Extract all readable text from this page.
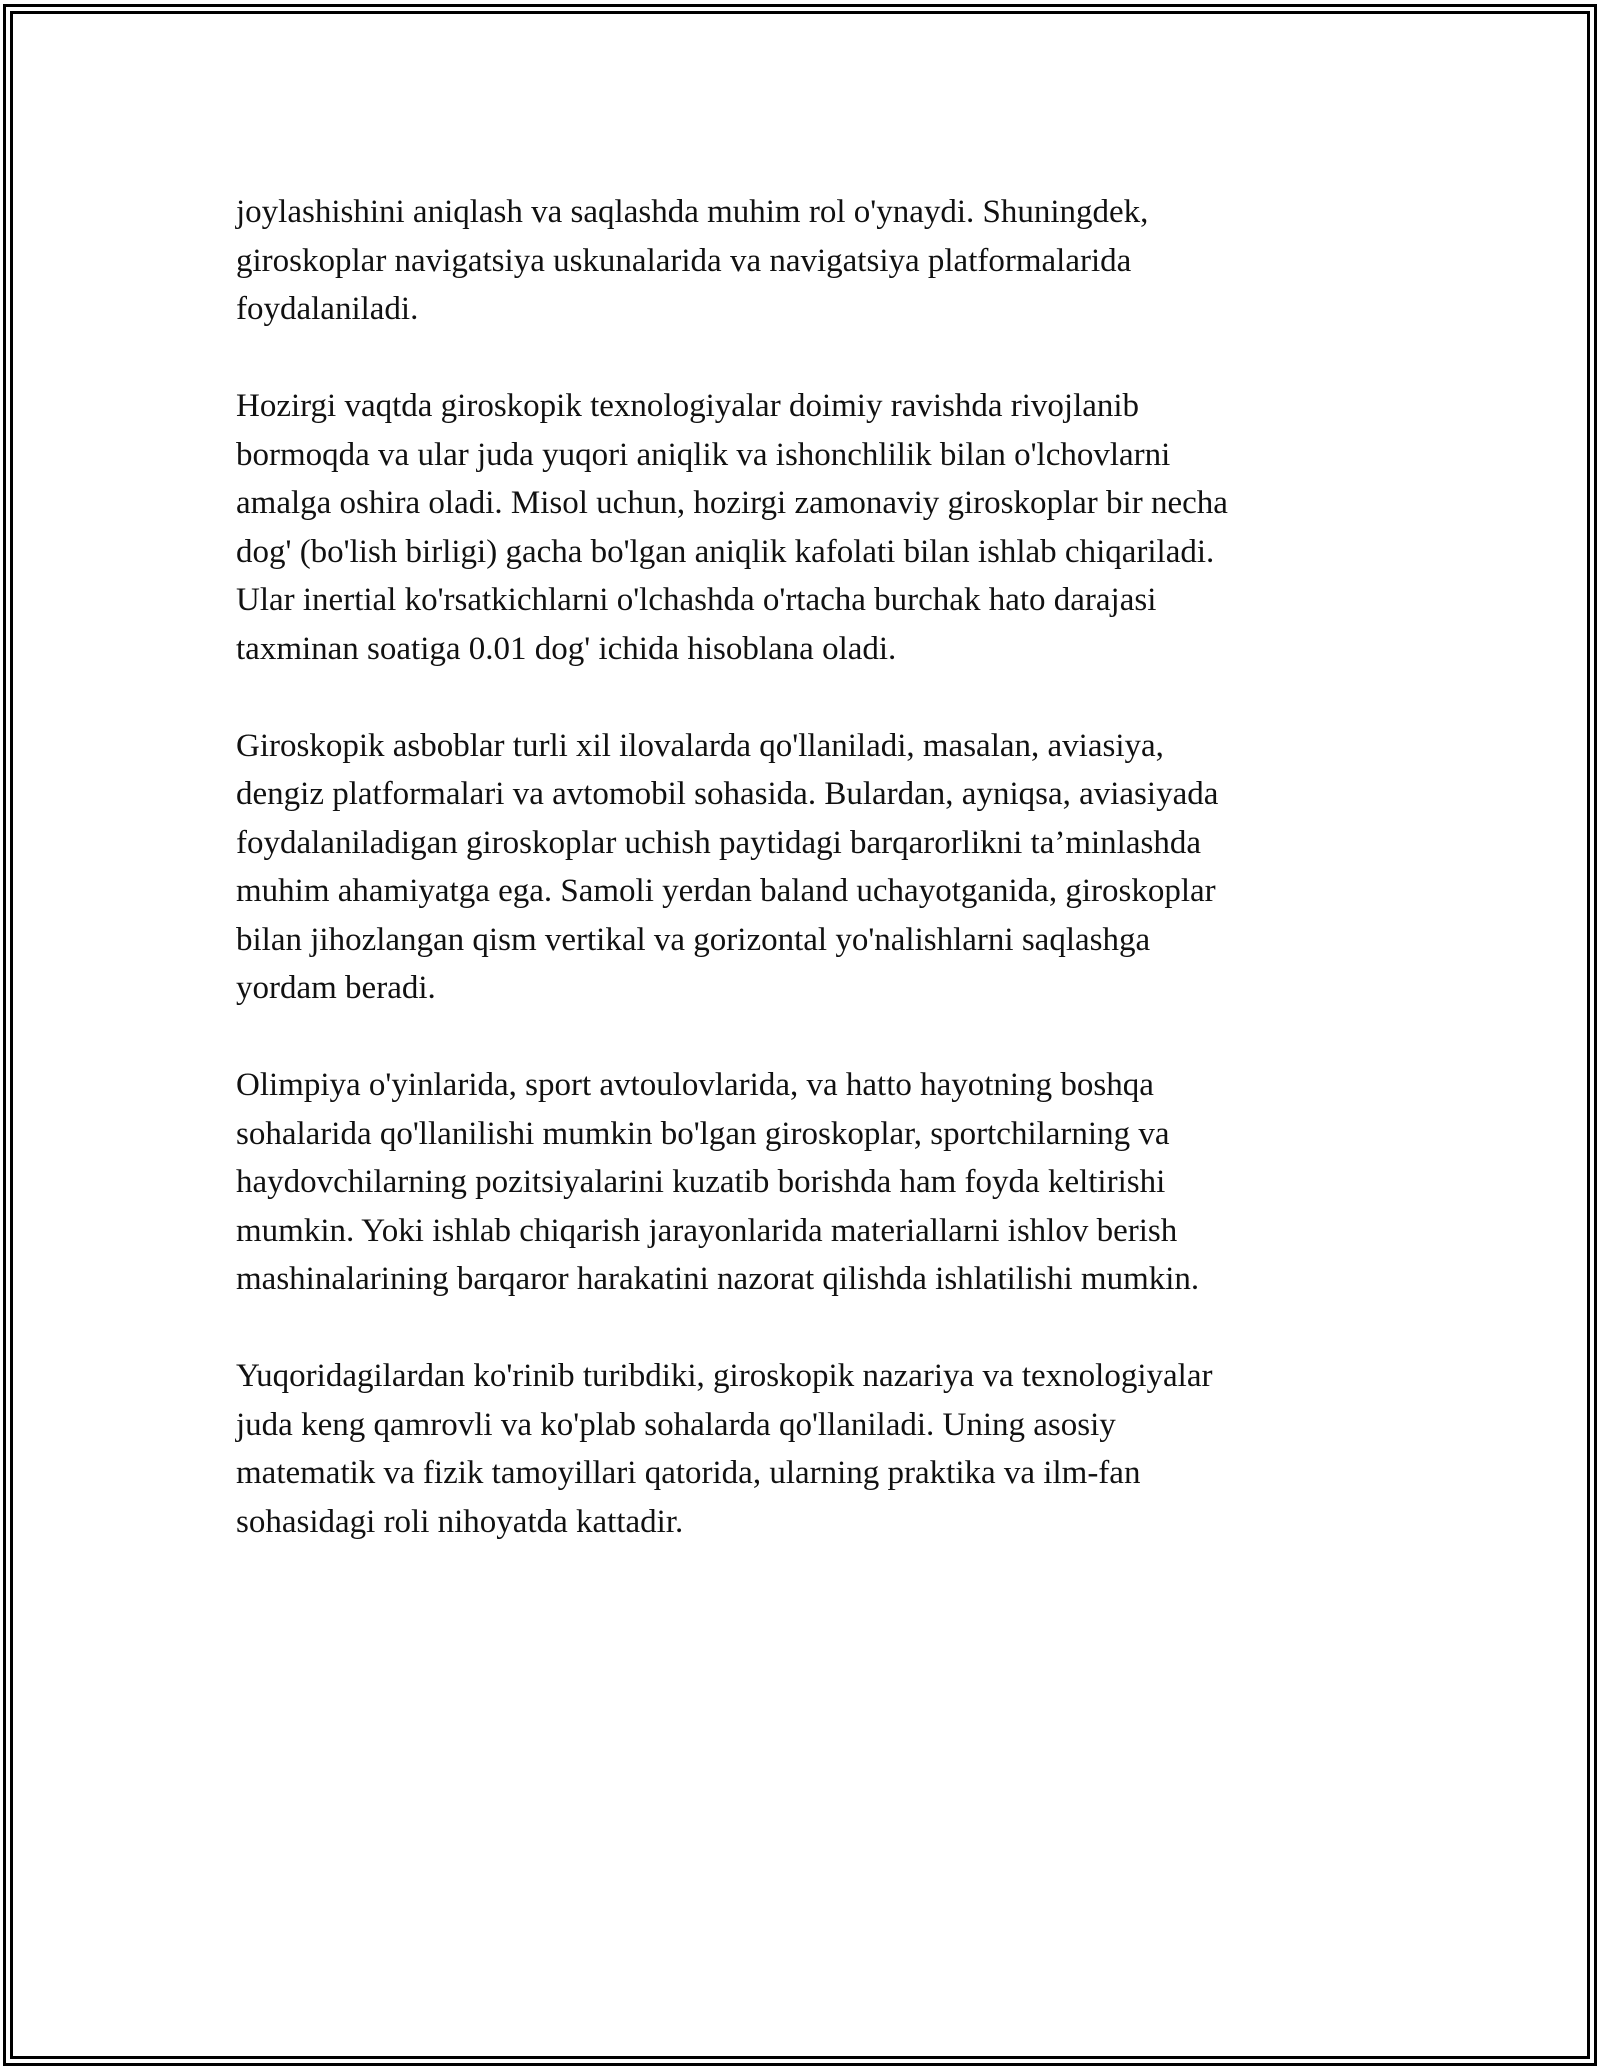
joylashishini aniqlash va saqlashda muhim rol o'ynaydi. Shuningdek,
giroskoplar navigatsiya uskunalarida va navigatsiya platformalarida
foydalaniladi.

Hozirgi vaqtda giroskopik texnologiyalar doimiy ravishda rivojlanib
bormoqda va ular juda yuqori aniqlik va ishonchlilik bilan o'lchovlarni
amalga oshira oladi. Misol uchun, hozirgi zamonaviy giroskoplar bir necha
dog' (bo'lish birligi) gacha bo'lgan aniqlik kafolati bilan ishlab chiqariladi.
Ular inertial ko'rsatkichlarni o'lchashda o'rtacha burchak hato darajasi
taxminan soatiga 0.01 dog' ichida hisoblana oladi.

Giroskopik asboblar turli xil ilovalarda qo'llaniladi, masalan, aviasiya,
dengiz platformalari va avtomobil sohasida. Bulardan, ayniqsa, aviasiyada
foydalaniladigan giroskoplar uchish paytidagi barqarorlikni ta’minlashda
muhim ahamiyatga ega. Samoli yerdan baland uchayotganida, giroskoplar
bilan jihozlangan qism vertikal va gorizontal yo'nalishlarni saqlashga
yordam beradi.

Olimpiya o'yinlarida, sport avtoulovlarida, va hatto hayotning boshqa
sohalarida qo'llanilishi mumkin bo'lgan giroskoplar, sportchilarning va
haydovchilarning pozitsiyalarini kuzatib borishda ham foyda keltirishi
mumkin. Yoki ishlab chiqarish jarayonlarida materiallarni ishlov berish
mashinalarining barqaror harakatini nazorat qilishda ishlatilishi mumkin.

Yuqoridagilardan ko'rinib turibdiki, giroskopik nazariya va texnologiyalar
juda keng qamrovli va ko'plab sohalarda qo'llaniladi. Uning asosiy
matematik va fizik tamoyillari qatorida, ularning praktika va ilm-fan
sohasidagi roli nihoyatda kattadir.
